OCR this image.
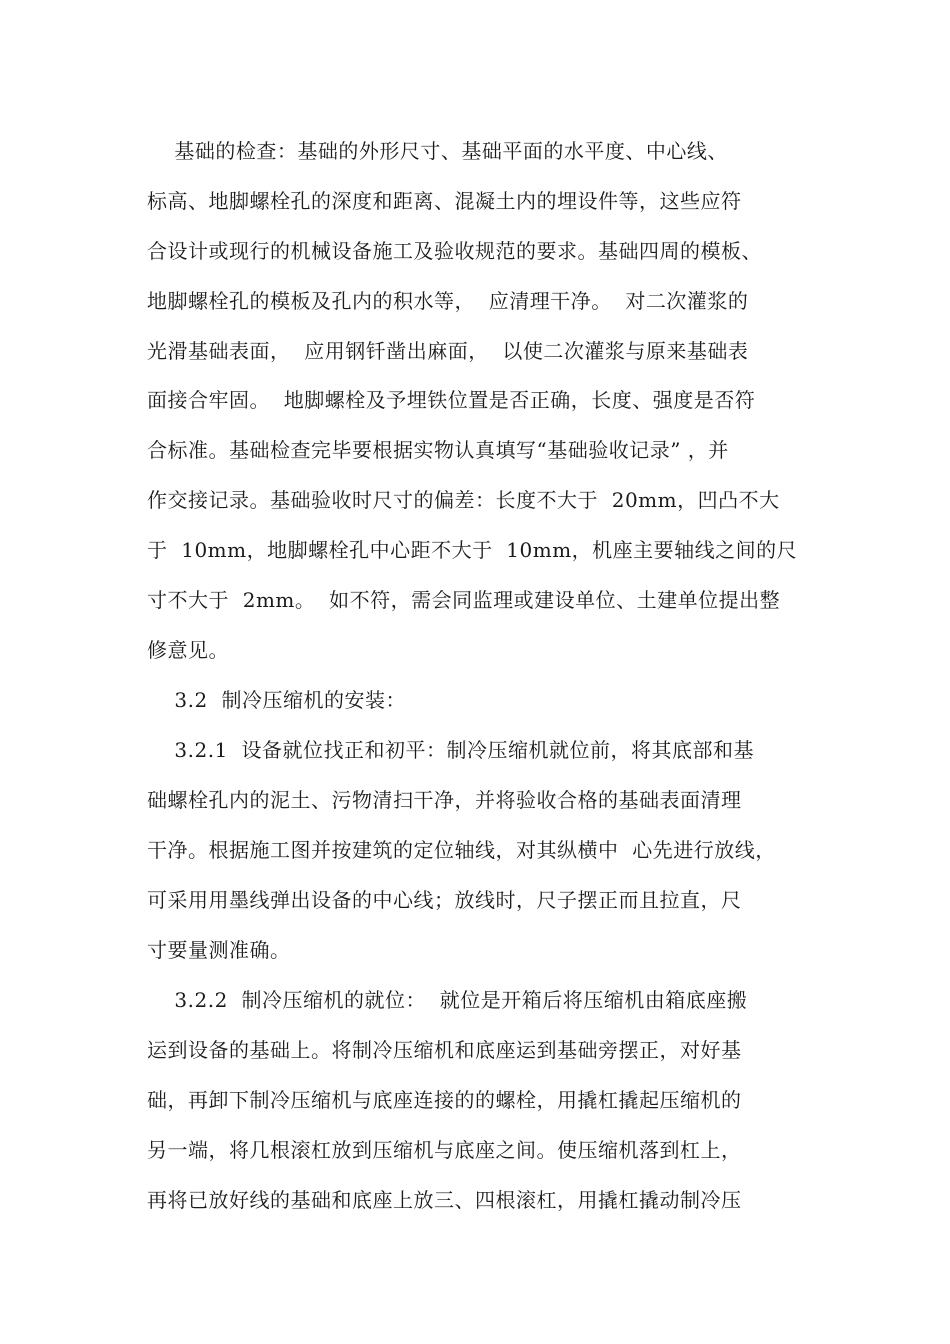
基础的检查：基础的外形尺寸、基础平面的水平度、中心线、
标高、地脚螺栓孔的深度和距离、混凝土内的埋设件等，这些应符
合设计或现行的机械设备施工及验收规范的要求。基础四周的模板、
地脚螺栓孔的模板及孔内的积水等，  应清理干净。  对二次灌浆的
光滑基础表面，  应用钢钎凿出麻面，  以使二次灌浆与原来基础表
面接合牢固。  地脚螺栓及予埋铁位置是否正确，长度、强度是否符
合标准。基础检查完毕要根据实物认真填写“基础验收记录” ，并
作交接记录。基础验收时尺寸的偏差：长度不大于  20mm，凹凸不大
于  10mm，地脚螺栓孔中心距不大于  10mm，机座主要轴线之间的尺
寸不大于  2mm。  如不符，需会同监理或建设单位、土建单位提出整
修意见。
3.2  制冷压缩机的安装：
3.2.1  设备就位找正和初平：制冷压缩机就位前，将其底部和基
础螺栓孔内的泥土、污物清扫干净，并将验收合格的基础表面清理
干净。根据施工图并按建筑的定位轴线，对其纵横中  心先进行放线，
可采用用墨线弹出设备的中心线；放线时，尺子摆正而且拉直，尺
寸要量测准确。
3.2.2  制冷压缩机的就位：  就位是开箱后将压缩机由箱底座搬
运到设备的基础上。将制冷压缩机和底座运到基础旁摆正，对好基
础，再卸下制冷压缩机与底座连接的的螺栓，用撬杠撬起压缩机的
另一端，将几根滚杠放到压缩机与底座之间。使压缩机落到杠上，
再将已放好线的基础和底座上放三、四根滚杠，用撬杠撬动制冷压
